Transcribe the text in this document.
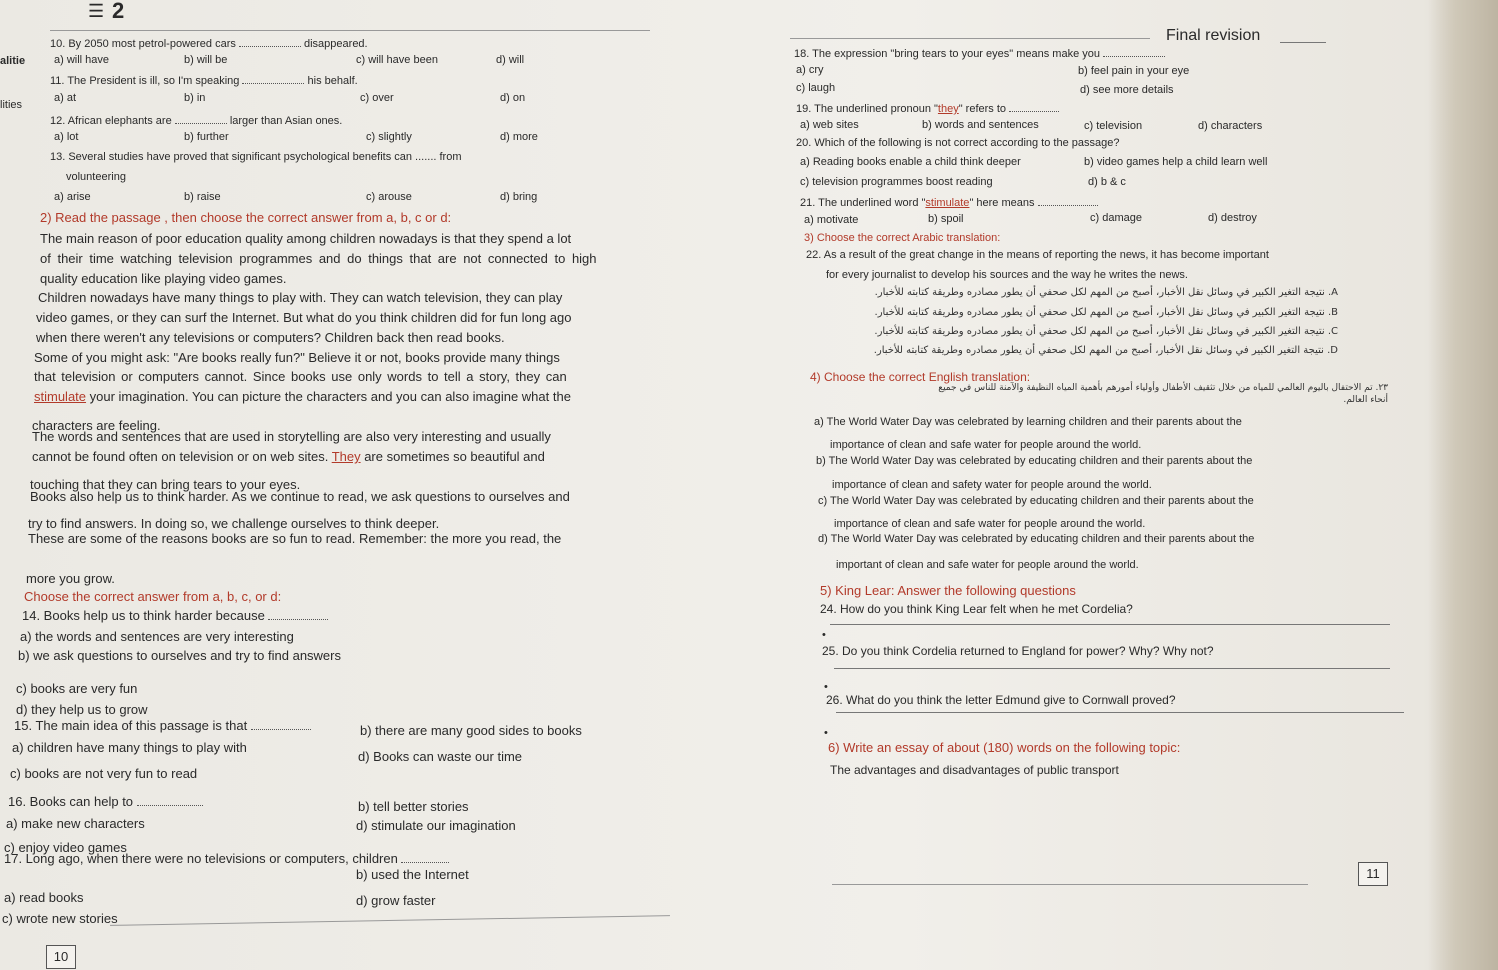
☰ 2
Final revision
alitie
lities
10. By 2050 most petrol-powered cars	disappeared.
a) will have	b) will be	c) will have been	d) will
11. The President is ill, so I'm speaking	his behalf.
a) at	b) in	c) over	d) on
12. African elephants are	larger than Asian ones.
a) lot	b) further	c) slightly	d) more
13. Several studies have proved that significant psychological benefits can ....... from
volunteering
a) arise	b) raise	c) arouse	d) bring
2) Read the passage , then choose the correct answer from a, b, c or d:
The main reason of poor education quality among children nowadays is that they spend a lot
of their time watching television programmes and do things that are not connected to high
quality education like playing video games.
Children nowadays have many things to play with. They can watch television, they can play
video games, or they can surf the Internet. But what do you think children did for fun long ago
when there weren't any televisions or computers? Children back then read books.
Some of you might ask: "Are books really fun?" Believe it or not, books provide many things
that television or computers cannot. Since books use only words to tell a story, they can
stimulate your imagination. You can picture the characters and you can also imagine what the
characters are feeling.
The words and sentences that are used in storytelling are also very interesting and usually
cannot be found often on television or on web sites. They are sometimes so beautiful and
touching that they can bring tears to your eyes.
Books also help us to think harder. As we continue to read, we ask questions to ourselves and
try to find answers. In doing so, we challenge ourselves to think deeper.
These are some of the reasons books are so fun to read. Remember: the more you read, the
more you grow.
Choose the correct answer from a, b, c, or d:
14. Books help us to think harder because
a) the words and sentences are very interesting
b) we ask questions to ourselves and try to find answers
c) books are very fun
d) they help us to grow
15. The main idea of this passage is that
a) children have many things to play with
b) there are many good sides to books
c) books are not very fun to read
d) Books can waste our time
16. Books can help to
a) make new characters
b) tell better stories
c) enjoy video games
d) stimulate our imagination
17. Long ago, when there were no televisions or computers, children
a) read books
b) used the Internet
c) wrote new stories
d) grow faster
10
18. The expression "bring tears to your eyes" means make you
a) cry	b) feel pain in your eye
c) laugh	d) see more details
19. The underlined pronoun "they" refers to
a) web sites	b) words and sentences	c) television	d) characters
20. Which of the following is not correct according to the passage?
a) Reading books enable a child think deeper	b) video games help a child learn well
c) television programmes boost reading	d) b & c
21. The underlined word "stimulate" here means
a) motivate	b) spoil	c) damage	d) destroy
3) Choose the correct Arabic translation:
22. As a result of the great change in the means of reporting the news, it has become important
for every journalist to develop his sources and the way he writes the news.
A. نتيجة التغير الكبير في وسائل نقل الأخبار، أصبح من المهم لكل صحفي أن يطور مصادره وطريقة كتابته للأخبار.
B. نتيجة التغير الكبير في وسائل نقل الأخبار، أصبح من المهم لكل صحفي أن يطور مصادره وطريقة كتابته للأخبار.
C. نتيجة التغير الكبير في وسائل نقل الأخبار، أصبح من المهم لكل صحفي أن يطور مصادره وطريقة كتابته للأخبار.
D. نتيجة التغير الكبير في وسائل نقل الأخبار، أصبح من المهم لكل صحفي أن يطور مصادره وطريقة كتابته للأخبار.
4) Choose the correct English translation:
٢٣. تم الاحتفال باليوم العالمي للمياه من خلال تثقيف الأطفال وأولياء أمورهم بأهمية المياه النظيفة والآمنة للناس في جميع
أنحاء العالم.
a) The World Water Day was celebrated by learning children and their parents about the
importance of clean and safe water for people around the world.
b) The World Water Day was celebrated by educating children and their parents about the
importance of clean and safety water for people around the world.
c) The World Water Day was celebrated by educating children and their parents about the
importance of clean and safe water for people around the world.
d) The World Water Day was celebrated by educating children and their parents about the
important of clean and safe water for people around the world.
5) King Lear: Answer the following questions
24. How do you think King Lear felt when he met Cordelia?
•
25. Do you think Cordelia returned to England for power? Why? Why not?
•
26. What do you think the letter Edmund give to Cornwall proved?
•
6) Write an essay of about (180) words on the following topic:
The advantages and disadvantages of public transport
11
